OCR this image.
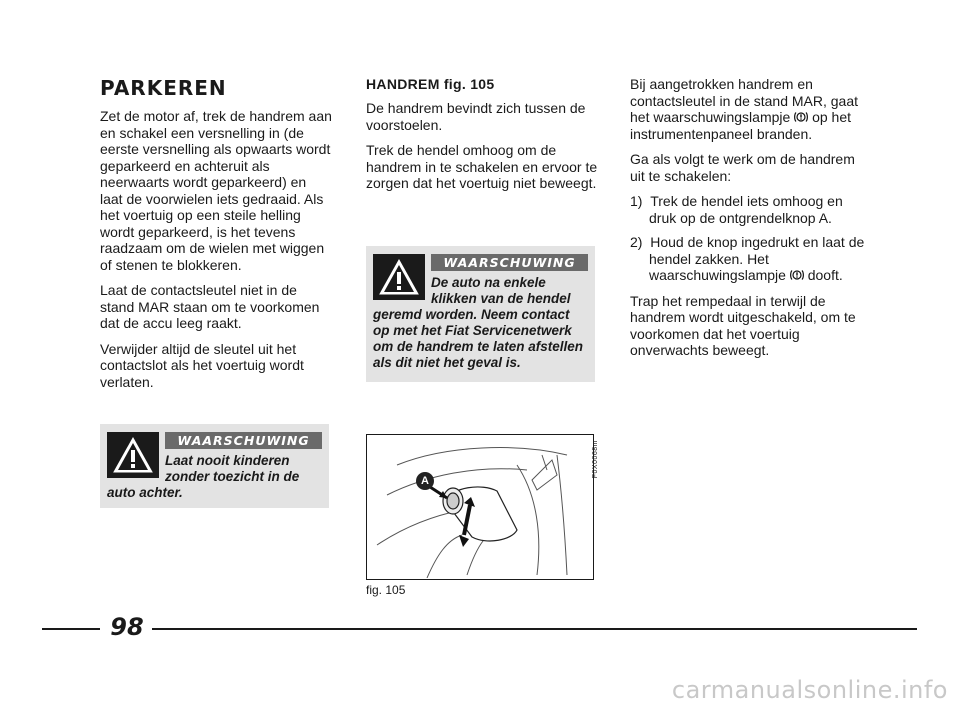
PARKEREN

Zet de motor af, trek de handrem aan en schakel een versnelling in (de eerste versnelling als opwaarts wordt geparkeerd en achteruit als neerwaarts wordt geparkeerd) en laat de voorwielen iets gedraaid. Als het voertuig op een steile helling wordt geparkeerd, is het tevens raadzaam om de wielen met wiggen of stenen te blokkeren.

Laat de contactsleutel niet in de stand MAR staan om te voorkomen dat de accu leeg raakt.

Verwijder altijd de sleutel uit het contactslot als het voertuig wordt verlaten.

WAARSCHUWING

Laat nooit kinderen zonder toezicht in de auto achter.

HANDREM fig. 105

De handrem bevindt zich tussen de voorstoelen.

Trek de hendel omhoog om de handrem in te schakelen en ervoor te zorgen dat het voertuig niet beweegt.

WAARSCHUWING

De auto na enkele klikken van de hendel geremd worden. Neem contact op met het Fiat Servicenetwerk om de handrem te laten afstellen als dit niet het geval is.

A
F0X0068m
fig. 105

Bij aangetrokken handrem en contactsleutel in de stand MAR, gaat het waarschuwingslampje op het instrumentenpaneel branden.

Ga als volgt te werk om de handrem uit te schakelen:

1) Trek de hendel iets omhoog en druk op de ontgrendelknop A.
2) Houd de knop ingedrukt en laat de hendel zakken. Het waarschuwingslampje dooft.

Trap het rempedaal in terwijl de handrem wordt uitgeschakeld, om te voorkomen dat het voertuig onverwachts beweegt.

98
carmanualsonline.info
